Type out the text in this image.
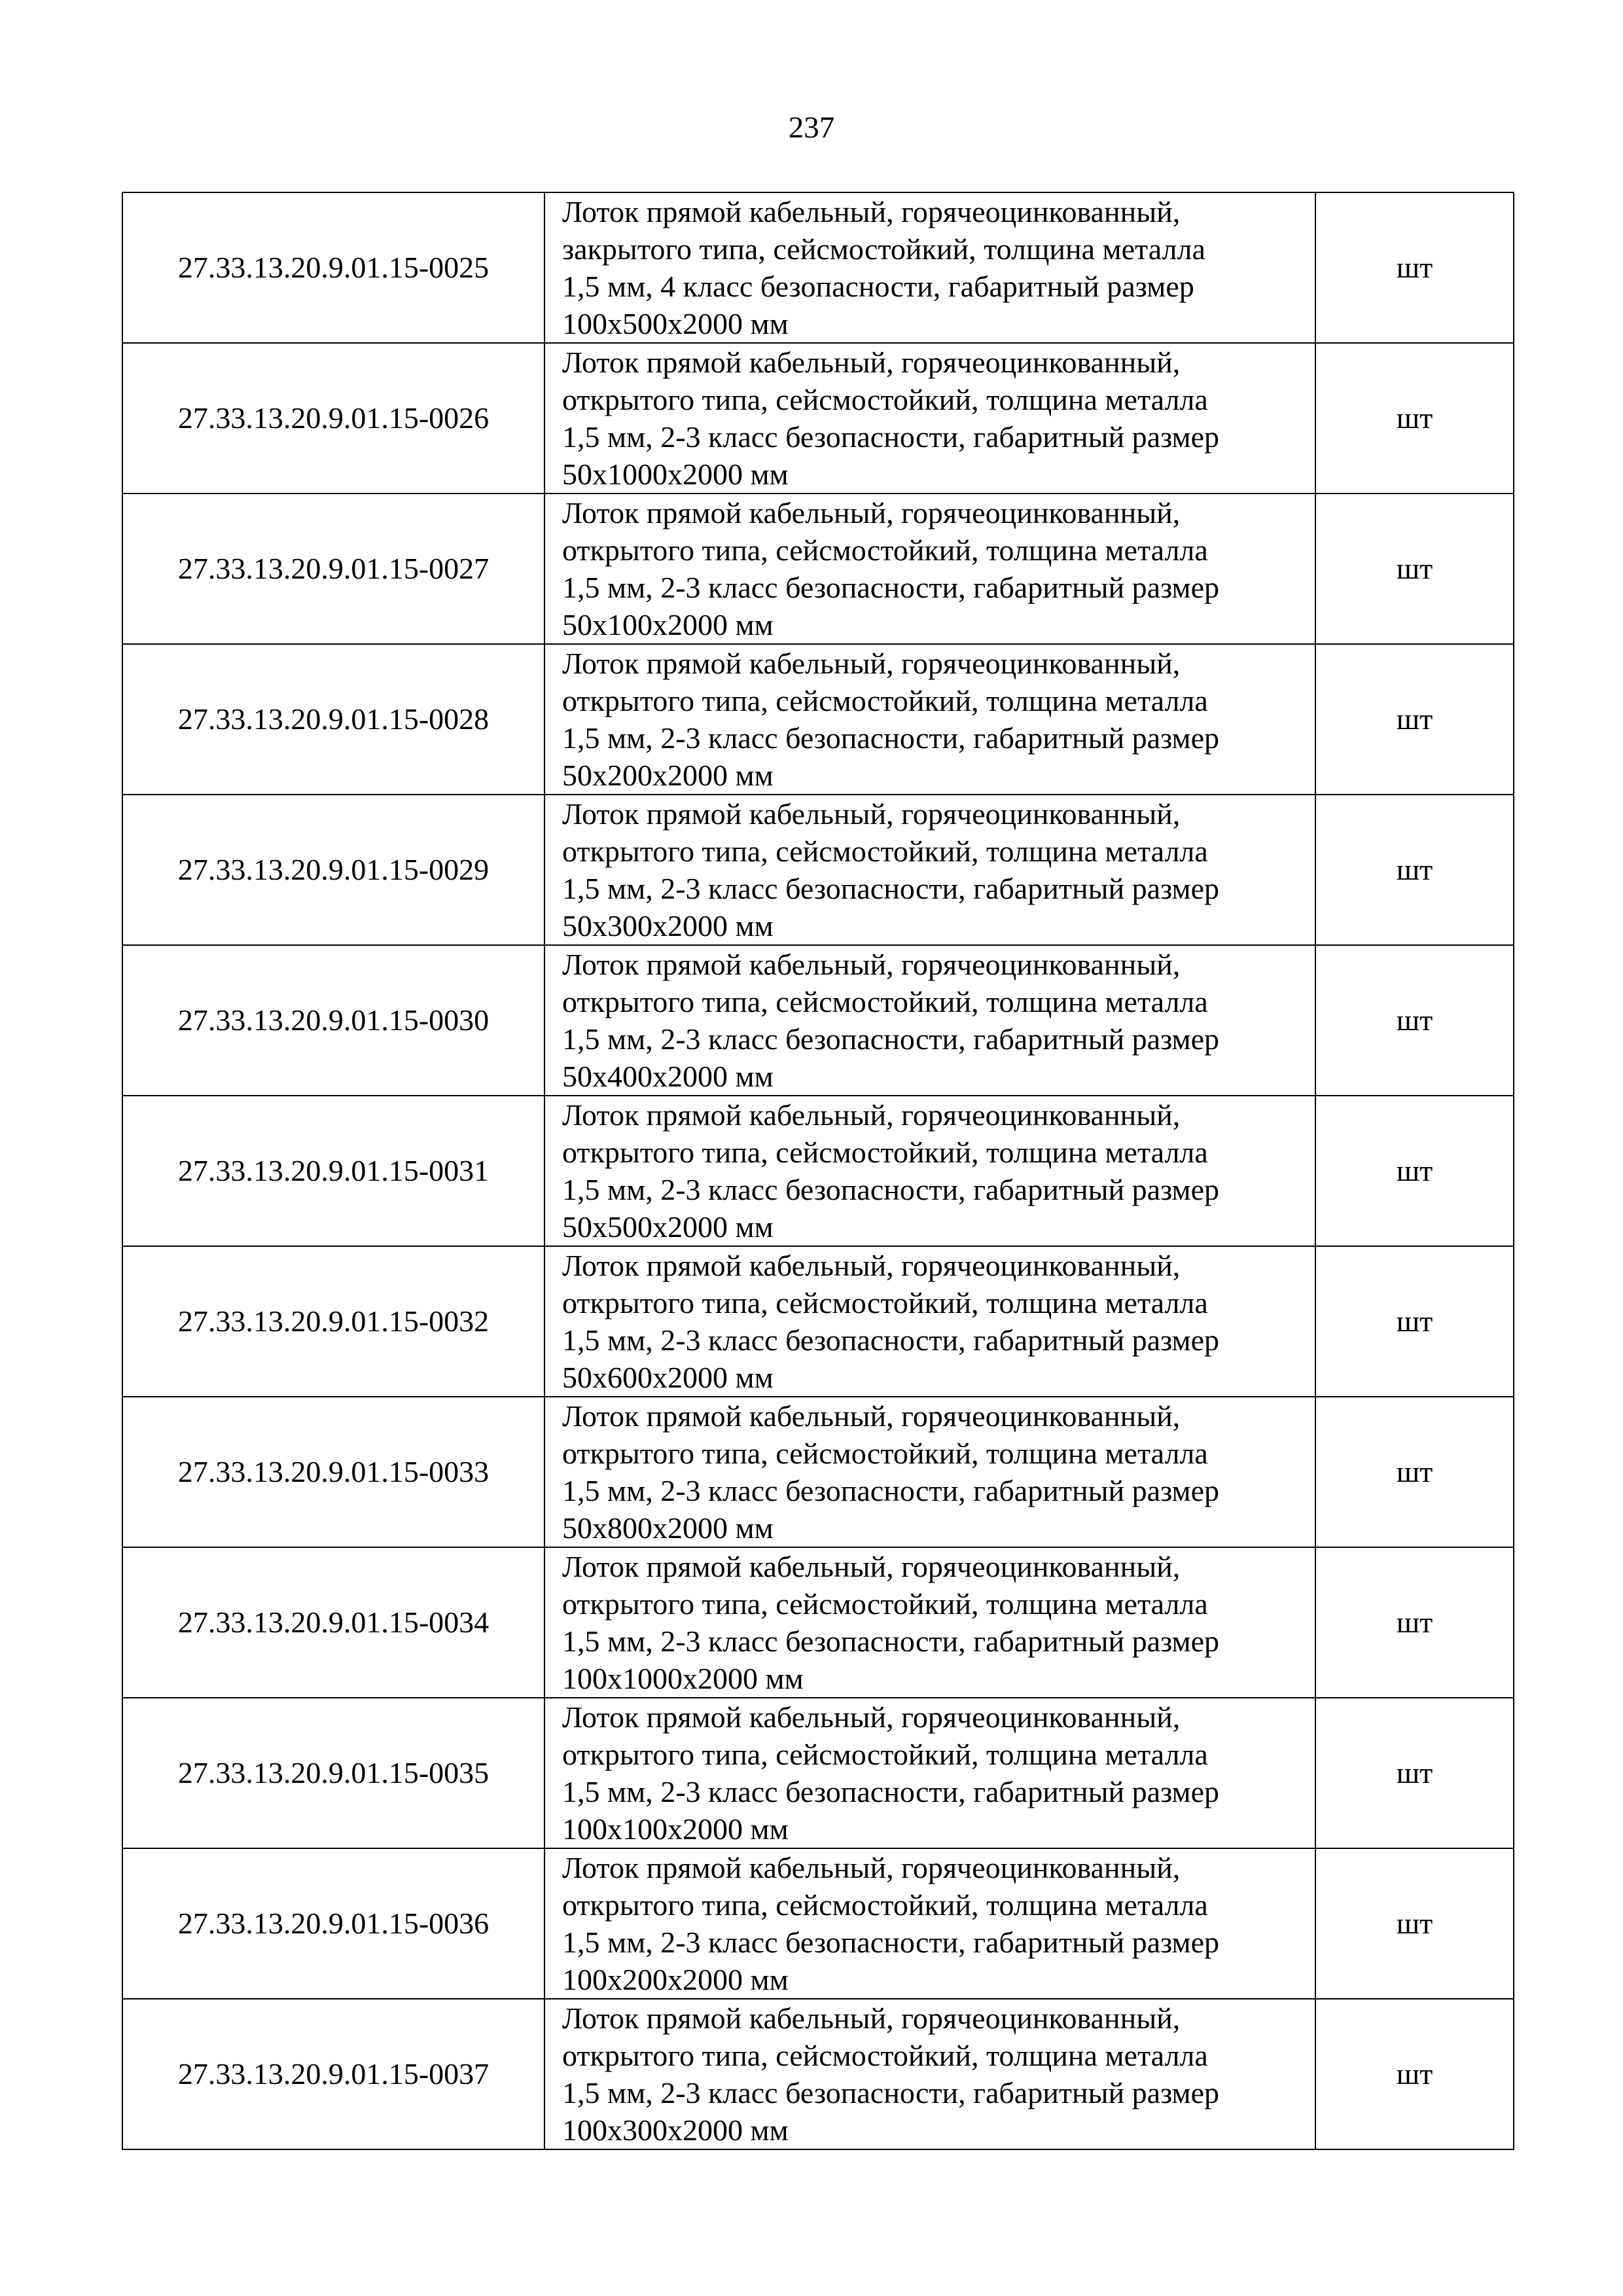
237
27.33.13.20.9.01.15-0025	Лоток прямой кабельный, горячеоцинкованный,
закрытого типа, сейсмостойкий, толщина металла
1,5 мм, 4 класс безопасности, габаритный размер
100х500х2000 мм	шт
27.33.13.20.9.01.15-0026	Лоток прямой кабельный, горячеоцинкованный,
открытого типа, сейсмостойкий, толщина металла
1,5 мм, 2-3 класс безопасности, габаритный размер
50х1000х2000 мм	шт
27.33.13.20.9.01.15-0027	Лоток прямой кабельный, горячеоцинкованный,
открытого типа, сейсмостойкий, толщина металла
1,5 мм, 2-3 класс безопасности, габаритный размер
50х100х2000 мм	шт
27.33.13.20.9.01.15-0028	Лоток прямой кабельный, горячеоцинкованный,
открытого типа, сейсмостойкий, толщина металла
1,5 мм, 2-3 класс безопасности, габаритный размер
50х200х2000 мм	шт
27.33.13.20.9.01.15-0029	Лоток прямой кабельный, горячеоцинкованный,
открытого типа, сейсмостойкий, толщина металла
1,5 мм, 2-3 класс безопасности, габаритный размер
50х300х2000 мм	шт
27.33.13.20.9.01.15-0030	Лоток прямой кабельный, горячеоцинкованный,
открытого типа, сейсмостойкий, толщина металла
1,5 мм, 2-3 класс безопасности, габаритный размер
50х400х2000 мм	шт
27.33.13.20.9.01.15-0031	Лоток прямой кабельный, горячеоцинкованный,
открытого типа, сейсмостойкий, толщина металла
1,5 мм, 2-3 класс безопасности, габаритный размер
50х500х2000 мм	шт
27.33.13.20.9.01.15-0032	Лоток прямой кабельный, горячеоцинкованный,
открытого типа, сейсмостойкий, толщина металла
1,5 мм, 2-3 класс безопасности, габаритный размер
50х600х2000 мм	шт
27.33.13.20.9.01.15-0033	Лоток прямой кабельный, горячеоцинкованный,
открытого типа, сейсмостойкий, толщина металла
1,5 мм, 2-3 класс безопасности, габаритный размер
50х800х2000 мм	шт
27.33.13.20.9.01.15-0034	Лоток прямой кабельный, горячеоцинкованный,
открытого типа, сейсмостойкий, толщина металла
1,5 мм, 2-3 класс безопасности, габаритный размер
100х1000х2000 мм	шт
27.33.13.20.9.01.15-0035	Лоток прямой кабельный, горячеоцинкованный,
открытого типа, сейсмостойкий, толщина металла
1,5 мм, 2-3 класс безопасности, габаритный размер
100х100х2000 мм	шт
27.33.13.20.9.01.15-0036	Лоток прямой кабельный, горячеоцинкованный,
открытого типа, сейсмостойкий, толщина металла
1,5 мм, 2-3 класс безопасности, габаритный размер
100х200х2000 мм	шт
27.33.13.20.9.01.15-0037	Лоток прямой кабельный, горячеоцинкованный,
открытого типа, сейсмостойкий, толщина металла
1,5 мм, 2-3 класс безопасности, габаритный размер
100х300х2000 мм	шт
